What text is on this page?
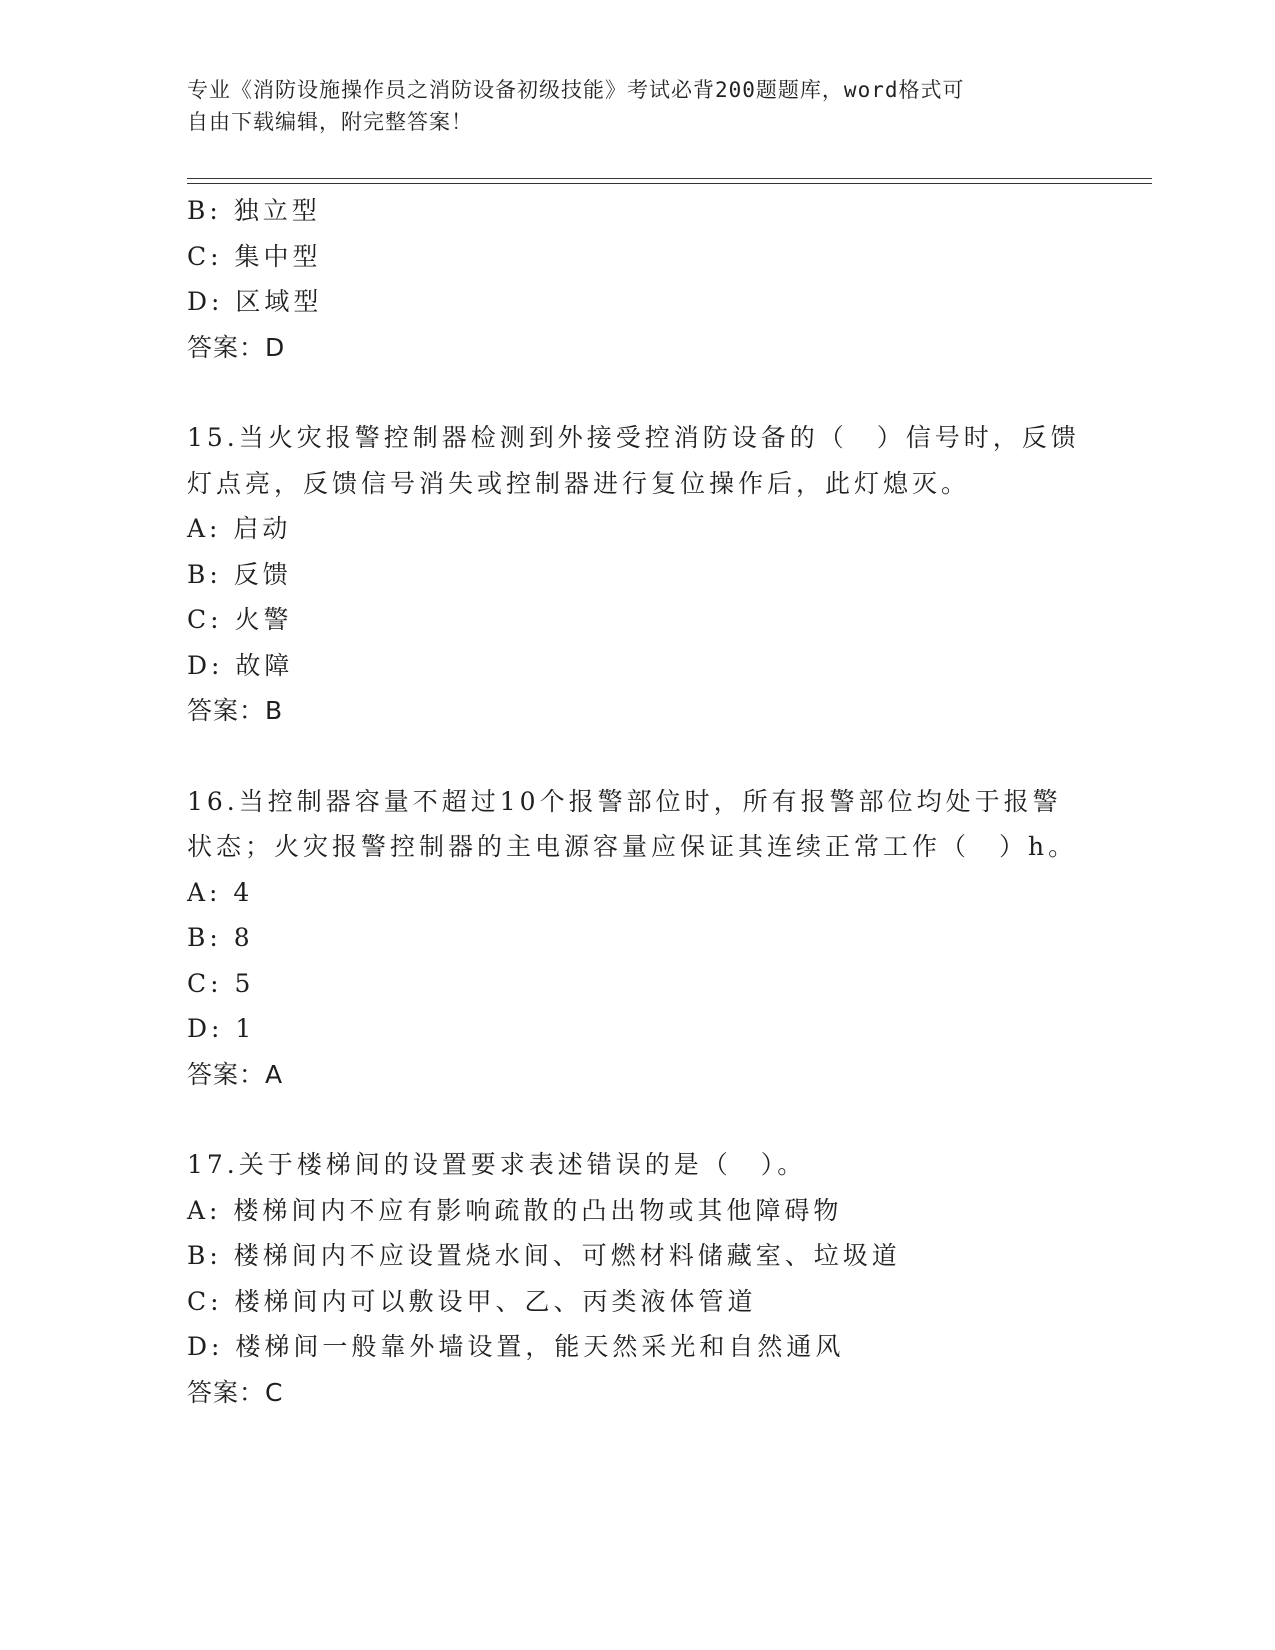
专业《消防设施操作员之消防设备初级技能》考试必背200题题库，word格式可
自由下载编辑，附完整答案！
B: 独立型
C: 集中型
D: 区域型
答案：D
15.当火灾报警控制器检测到外接受控消防设备的（　）信号时，反馈
灯点亮，反馈信号消失或控制器进行复位操作后，此灯熄灭。
A: 启动
B: 反馈
C: 火警
D: 故障
答案：B
16.当控制器容量不超过10个报警部位时，所有报警部位均处于报警
状态；火灾报警控制器的主电源容量应保证其连续正常工作（　）h。
A: 4
B: 8
C: 5
D: 1
答案：A
17.关于楼梯间的设置要求表述错误的是（　）。
A: 楼梯间内不应有影响疏散的凸出物或其他障碍物
B: 楼梯间内不应设置烧水间、可燃材料储藏室、垃圾道
C: 楼梯间内可以敷设甲、乙、丙类液体管道
D: 楼梯间一般靠外墙设置，能天然采光和自然通风
答案：C
